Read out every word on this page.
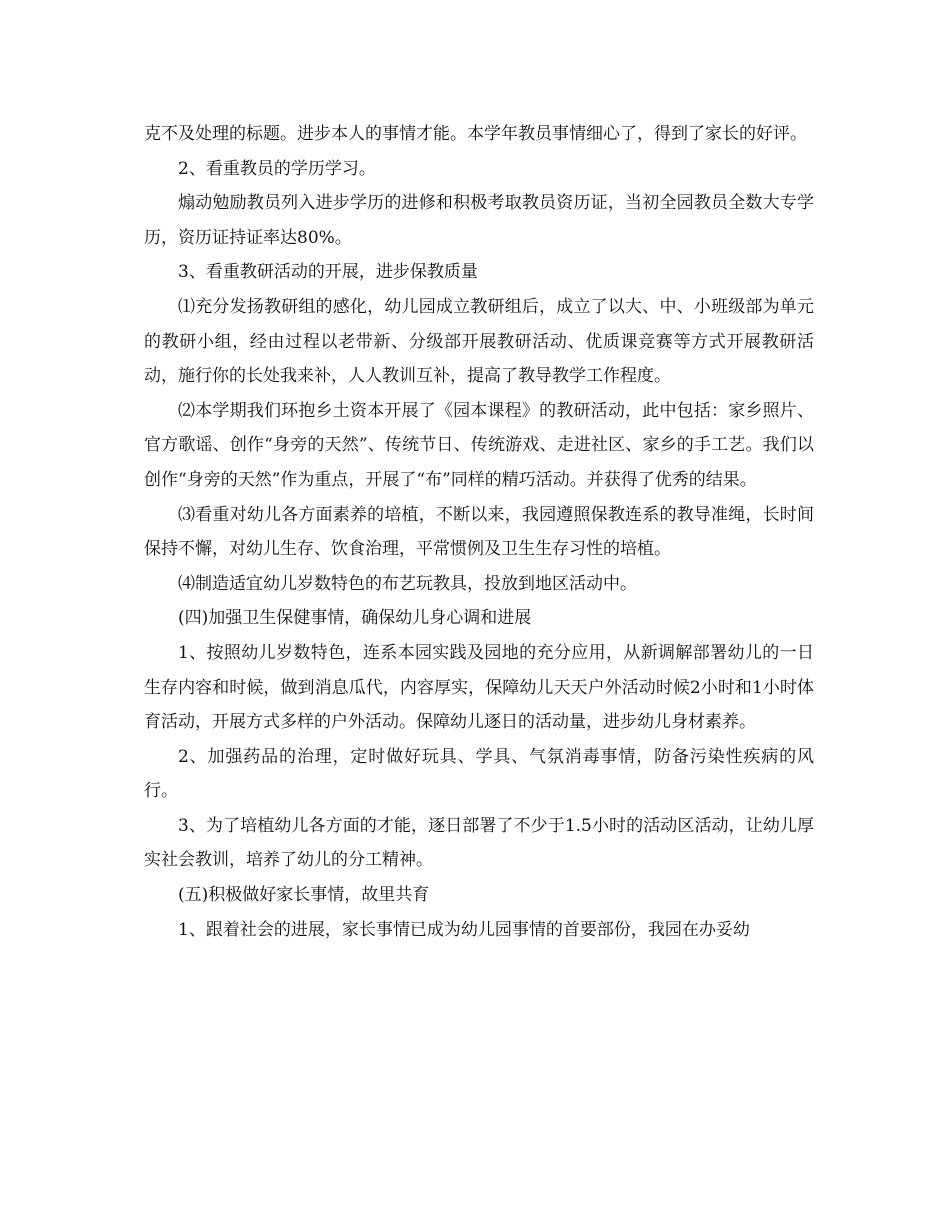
克不及处理的标题。进步本人的事情才能。本学年教员事情细心了，得到了家长的好评。

2、看重教员的学历学习。

煽动勉励教员列入进步学历的进修和积极考取教员资历证，当初全园教员全数大专学历，资历证持证率达80%。

3、看重教研活动的开展，进步保教质量

⑴充分发扬教研组的感化，幼儿园成立教研组后，成立了以大、中、小班级部为单元的教研小组，经由过程以老带新、分级部开展教研活动、优质课竞赛等方式开展教研活动，施行你的长处我来补，人人教训互补，提高了教导教学工作程度。

⑵本学期我们环抱乡土资本开展了《园本课程》的教研活动，此中包括：家乡照片、官方歌谣、创作“身旁的天然”、传统节日、传统游戏、走进社区、家乡的手工艺。我们以创作“身旁的天然”作为重点，开展了“布”同样的精巧活动。并获得了优秀的结果。

⑶看重对幼儿各方面素养的培植，不断以来，我园遵照保教连系的教导准绳，长时间保持不懈，对幼儿生存、饮食治理，平常惯例及卫生生存习性的培植。

⑷制造适宜幼儿岁数特色的布艺玩教具，投放到地区活动中。

(四)加强卫生保健事情，确保幼儿身心调和进展

1、按照幼儿岁数特色，连系本园实践及园地的充分应用，从新调解部署幼儿的一日生存内容和时候，做到消息瓜代，内容厚实，保障幼儿天天户外活动时候2小时和1小时体育活动，开展方式多样的户外活动。保障幼儿逐日的活动量，进步幼儿身材素养。

2、加强药品的治理，定时做好玩具、学具、气氛消毒事情，防备污染性疾病的风行。

3、为了培植幼儿各方面的才能，逐日部署了不少于1.5小时的活动区活动，让幼儿厚实社会教训，培养了幼儿的分工精神。

(五)积极做好家长事情，故里共育

1、跟着社会的进展，家长事情已成为幼儿园事情的首要部份，我园在办妥幼
